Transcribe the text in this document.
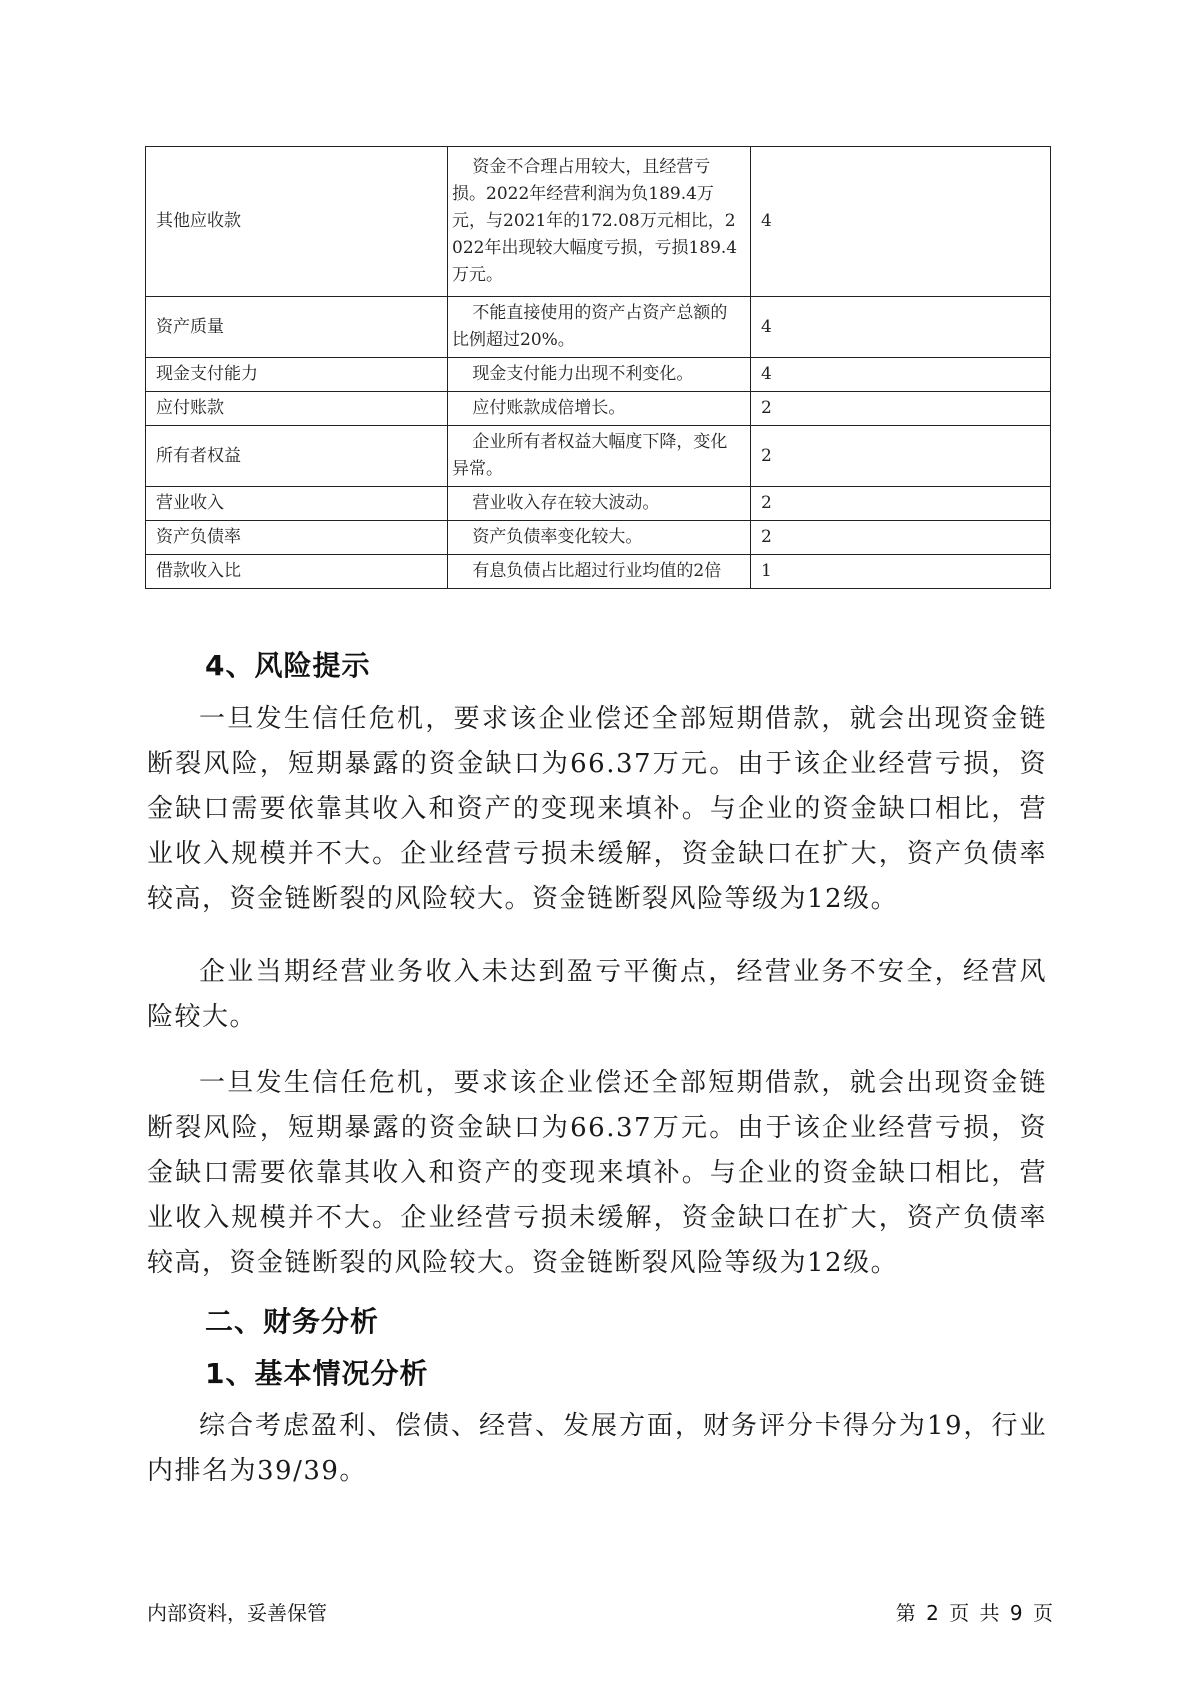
其他应收款	资金不合理占用较大，且经营亏损。2022年经营利润为负189.4万元，与2021年的172.08万元相比，2022年出现较大幅度亏损，亏损189.4万元。	4
资产质量	不能直接使用的资产占资产总额的比例超过20%。	4
现金支付能力	现金支付能力出现不利变化。	4
应付账款	应付账款成倍增长。	2
所有者权益	企业所有者权益大幅度下降，变化异常。	2
营业收入	营业收入存在较大波动。	2
资产负债率	资产负债率变化较大。	2
借款收入比	有息负债占比超过行业均值的2倍	1
4、风险提示
一旦发生信任危机，要求该企业偿还全部短期借款，就会出现资金链断裂风险，短期暴露的资金缺口为66.37万元。由于该企业经营亏损，资金缺口需要依靠其收入和资产的变现来填补。与企业的资金缺口相比，营业收入规模并不大。企业经营亏损未缓解，资金缺口在扩大，资产负债率较高，资金链断裂的风险较大。资金链断裂风险等级为12级。
企业当期经营业务收入未达到盈亏平衡点，经营业务不安全，经营风险较大。
一旦发生信任危机，要求该企业偿还全部短期借款，就会出现资金链断裂风险，短期暴露的资金缺口为66.37万元。由于该企业经营亏损，资金缺口需要依靠其收入和资产的变现来填补。与企业的资金缺口相比，营业收入规模并不大。企业经营亏损未缓解，资金缺口在扩大，资产负债率较高，资金链断裂的风险较大。资金链断裂风险等级为12级。
二、财务分析
1、基本情况分析
综合考虑盈利、偿债、经营、发展方面，财务评分卡得分为19，行业内排名为39/39。
内部资料，妥善保管	第 2 页 共 9 页
